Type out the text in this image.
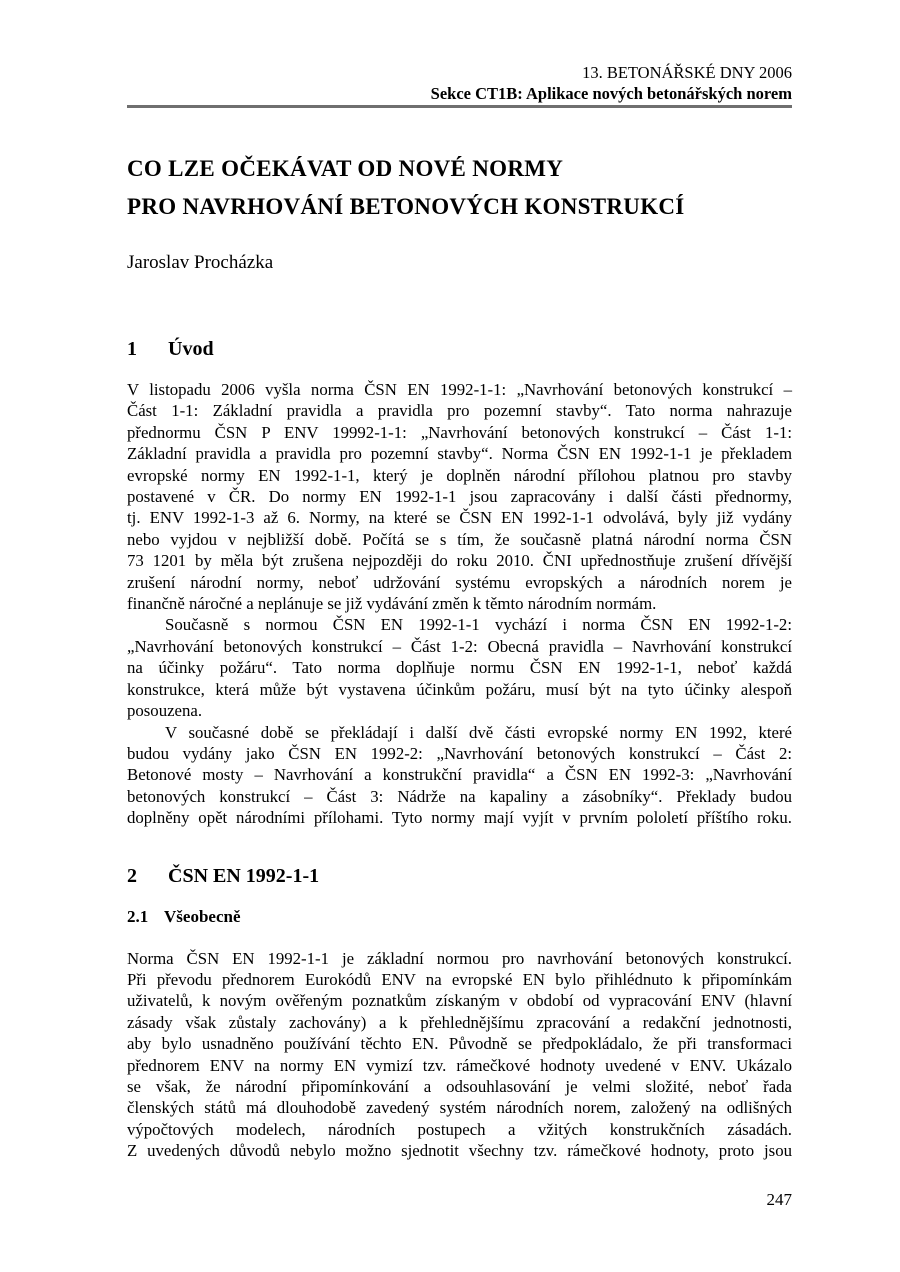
13. BETONÁŘSKÉ DNY 2006
Sekce CT1B: Aplikace nových betonářských norem
CO LZE OČEKÁVAT OD NOVÉ NORMY
PRO NAVRHOVÁNÍ BETONOVÝCH KONSTRUKCÍ
Jaroslav Procházka
1 Úvod
V listopadu 2006 vyšla norma ČSN EN 1992-1-1: „Navrhování betonových konstrukcí –
Část 1-1: Základní pravidla a pravidla pro pozemní stavby“. Tato norma nahrazuje
přednormu ČSN P ENV 19992-1-1: „Navrhování betonových konstrukcí – Část 1-1:
Základní pravidla a pravidla pro pozemní stavby“. Norma ČSN EN 1992-1-1 je překladem
evropské normy EN 1992-1-1, který je doplněn národní přílohou platnou pro stavby
postavené v ČR. Do normy EN 1992-1-1 jsou zapracovány i další části přednormy,
tj. ENV 1992-1-3 až 6. Normy, na které se ČSN EN 1992-1-1 odvolává, byly již vydány
nebo vyjdou v nejbližší době. Počítá se s tím, že současně platná národní norma ČSN
73 1201 by měla být zrušena nejpozději do roku 2010. ČNI upřednostňuje zrušení dřívější
zrušení národní normy, neboť udržování systému evropských a národních norem je
finančně náročné a neplánuje se již vydávání změn k těmto národním normám.
Současně s normou ČSN EN 1992-1-1 vychází i norma ČSN EN 1992-1-2:
„Navrhování betonových konstrukcí – Část 1-2: Obecná pravidla – Navrhování konstrukcí
na účinky požáru“. Tato norma doplňuje normu ČSN EN 1992-1-1, neboť každá
konstrukce, která může být vystavena účinkům požáru, musí být na tyto účinky alespoň
posouzena.
V současné době se překládají i další dvě části evropské normy EN 1992, které
budou vydány jako ČSN EN 1992-2: „Navrhování betonových konstrukcí – Část 2:
Betonové mosty – Navrhování a konstrukční pravidla“ a ČSN EN 1992-3: „Navrhování
betonových konstrukcí – Část 3: Nádrže na kapaliny a zásobníky“. Překlady budou
doplněny opět národními přílohami. Tyto normy mají vyjít v prvním pololetí příštího roku.
2 ČSN EN 1992-1-1
2.1 Všeobecně
Norma ČSN EN 1992-1-1 je základní normou pro navrhování betonových konstrukcí.
Při převodu přednorem Eurokódů ENV na evropské EN bylo přihlédnuto k připomínkám
uživatelů, k novým ověřeným poznatkům získaným v období od vypracování ENV (hlavní
zásady však zůstaly zachovány) a k přehlednějšímu zpracování a redakční jednotnosti,
aby bylo usnadněno používání těchto EN. Původně se předpokládalo, že při transformaci
přednorem ENV na normy EN vymizí tzv. rámečkové hodnoty uvedené v ENV. Ukázalo
se však, že národní připomínkování a odsouhlasování je velmi složité, neboť řada
členských států má dlouhodobě zavedený systém národních norem, založený na odlišných
výpočtových modelech, národních postupech a vžitých konstrukčních zásadách.
Z uvedených důvodů nebylo možno sjednotit všechny tzv. rámečkové hodnoty, proto jsou
247
